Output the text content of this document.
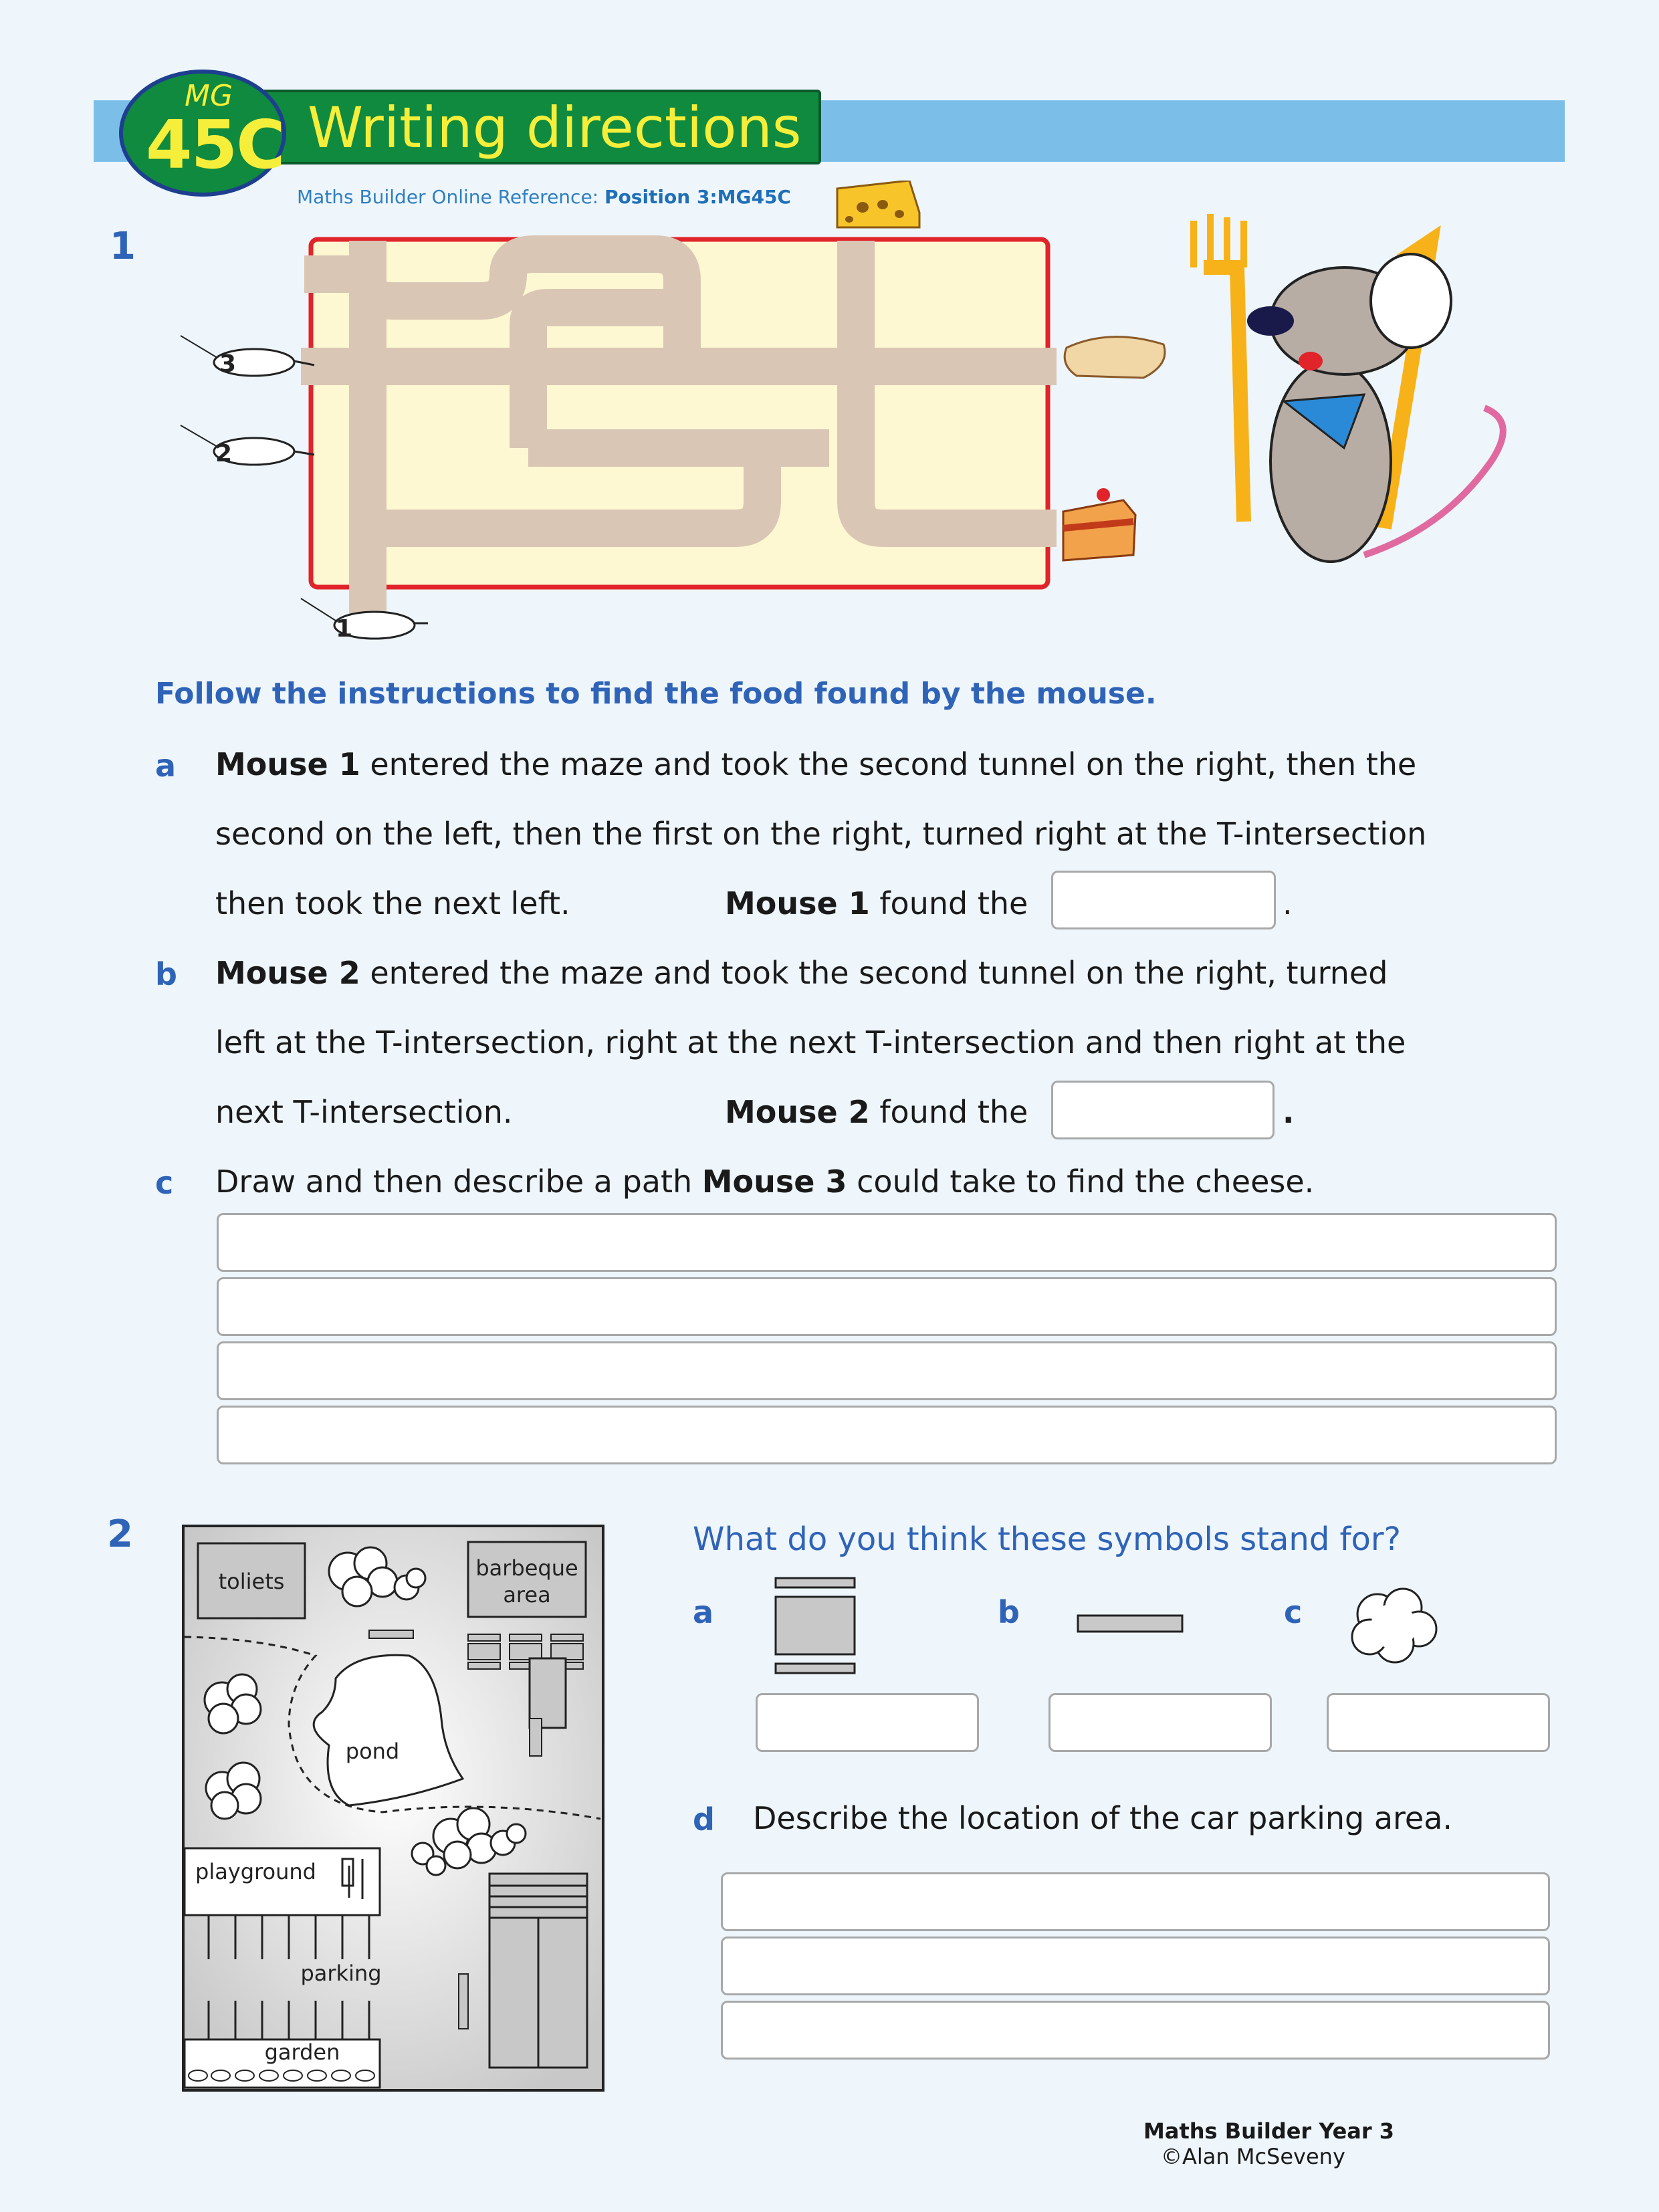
Writing directions
MG
45C
Maths Builder Online Reference: Position 3:MG45C
1
3
2
1
Follow the instructions to find the food found by the mouse.
a Mouse 1 entered the maze and took the second tunnel on the right, then the
second on the left, then the first on the right, turned right at the T-intersection
then took the next left.	Mouse 1 found the	.
b Mouse 2 entered the maze and took the second tunnel on the right, turned
left at the T-intersection, right at the next T-intersection and then right at the
next T-intersection.	Mouse 2 found the	.
c Draw and then describe a path Mouse 3 could take to find the cheese.
2
toliets
barbeque
area
pond
playground
parking
garden
What do you think these symbols stand for?
a	b	c
d Describe the location of the car parking area.
Maths Builder Year 3
©Alan McSeveny
